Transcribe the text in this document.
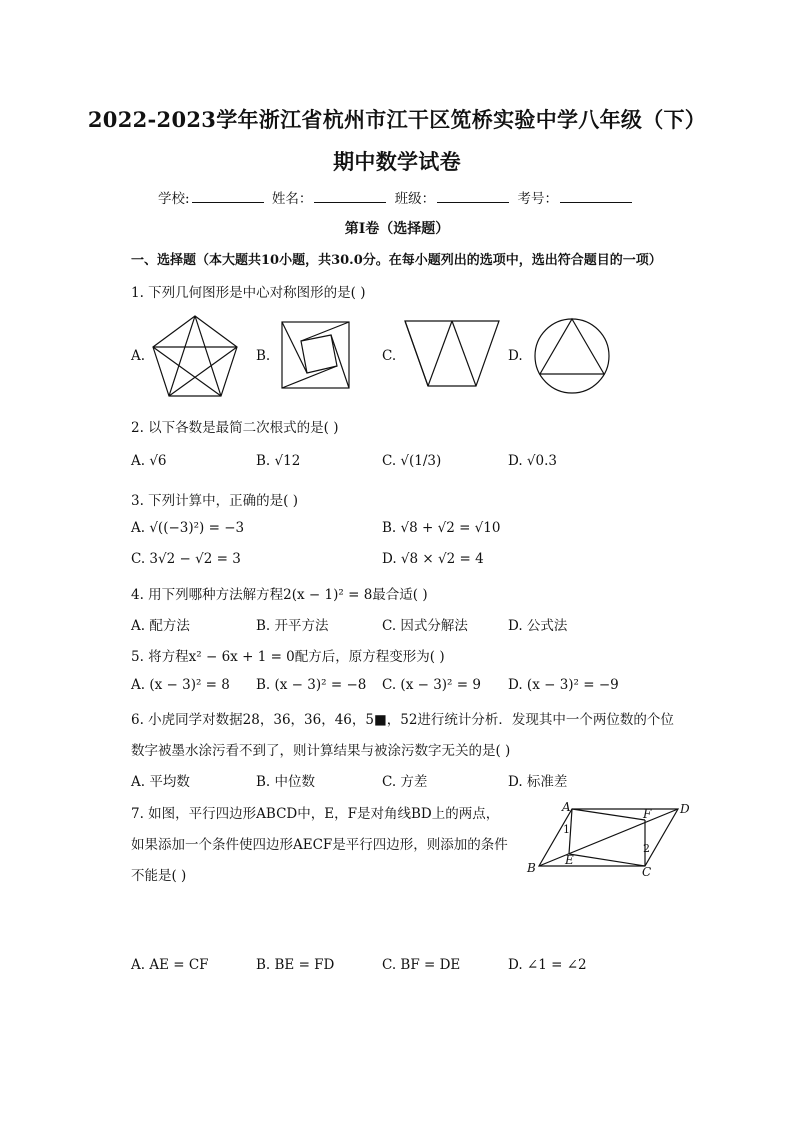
2022-2023学年浙江省杭州市江干区笕桥实验中学八年级（下）
期中数学试卷
学校:	姓名：	班级：	考号：
第I卷（选择题）
一、选择题（本大题共10小题，共30.0分。在每小题列出的选项中，选出符合题目的一项）
1. 下列几何图形是中心对称图形的是( )
A.	B.	C.	D.
2. 以下各数是最简二次根式的是( )
A. √6	B. √12	C. √(1/3)	D. √0.3
3. 下列计算中，正确的是( )
A. √((−3)²) = −3	B. √8 + √2 = √10
C. 3√2 − √2 = 3	D. √8 × √2 = 4
4. 用下列哪种方法解方程2(x − 1)² = 8最合适( )
A. 配方法	B. 开平方法	C. 因式分解法	D. 公式法
5. 将方程x² − 6x + 1 = 0配方后，原方程变形为( )
A. (x − 3)² = 8 B. (x − 3)² = −8 C. (x − 3)² = 9 D. (x − 3)² = −9
6. 小虎同学对数据28，36，36，46，5■，52进行统计分析．发现其中一个两位数的个位
数字被墨水涂污看不到了，则计算结果与被涂污数字无关的是( )
A. 平均数	B. 中位数	C. 方差	D. 标准差
7. 如图，平行四边形ABCD中，E，F是对角线BD上的两点，
如果添加一个条件使四边形AECF是平行四边形，则添加的条件
不能是( )
A
B	C
D
E
F
1
2
A. AE = CF	B. BE = FD	C. BF = DE	D. ∠1 = ∠2
